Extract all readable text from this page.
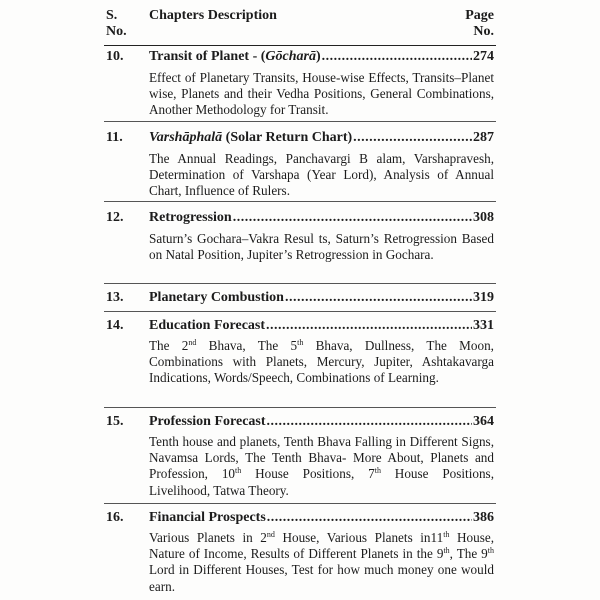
S.
No.
Chapters Description	Page
No.
10. Transit of Planet - (Gōcharā) .....	274
Effect of Planetary Transits, House-wise Effects, Transits–Planet wise, Planets and their Vedha Positions, General Combinations, Another Methodology for Transit.
11. Varshāphalā (Solar Return Chart) .....	287
The Annual Readings, Panchavargi B alam, Varshapravesh, Determination of Varshapa (Year Lord), Analysis of Annual Chart, Influence of Rulers.
12. Retrogression .....	308
Saturn’s Gochara–Vakra Resul ts, Saturn’s Retrogression Based on Natal Position, Jupiter’s Retrogression in Gochara.
13. Planetary Combustion .....	319
14. Education Forecast .....	331
The 2nd Bhava, The 5th Bhava, Dullness, The Moon, Combinations with Planets, Mercury, Jupiter, Ashtakavarga Indications, Words/Speech, Combinations of Learning.
15. Profession Forecast .....	364
Tenth house and planets, Tenth Bhava Falling in Different Signs, Navamsa Lords, The Tenth Bhava- More About, Planets and Profession, 10th House Positions, 7th House Positions, Livelihood, Tatwa Theory.
16. Financial Prospects .....	386
Various Planets in 2nd House, Various Planets in11th House, Nature of Income, Results of Different Planets in the 9th, The 9th Lord in Different Houses, Test for how much money one would earn.
